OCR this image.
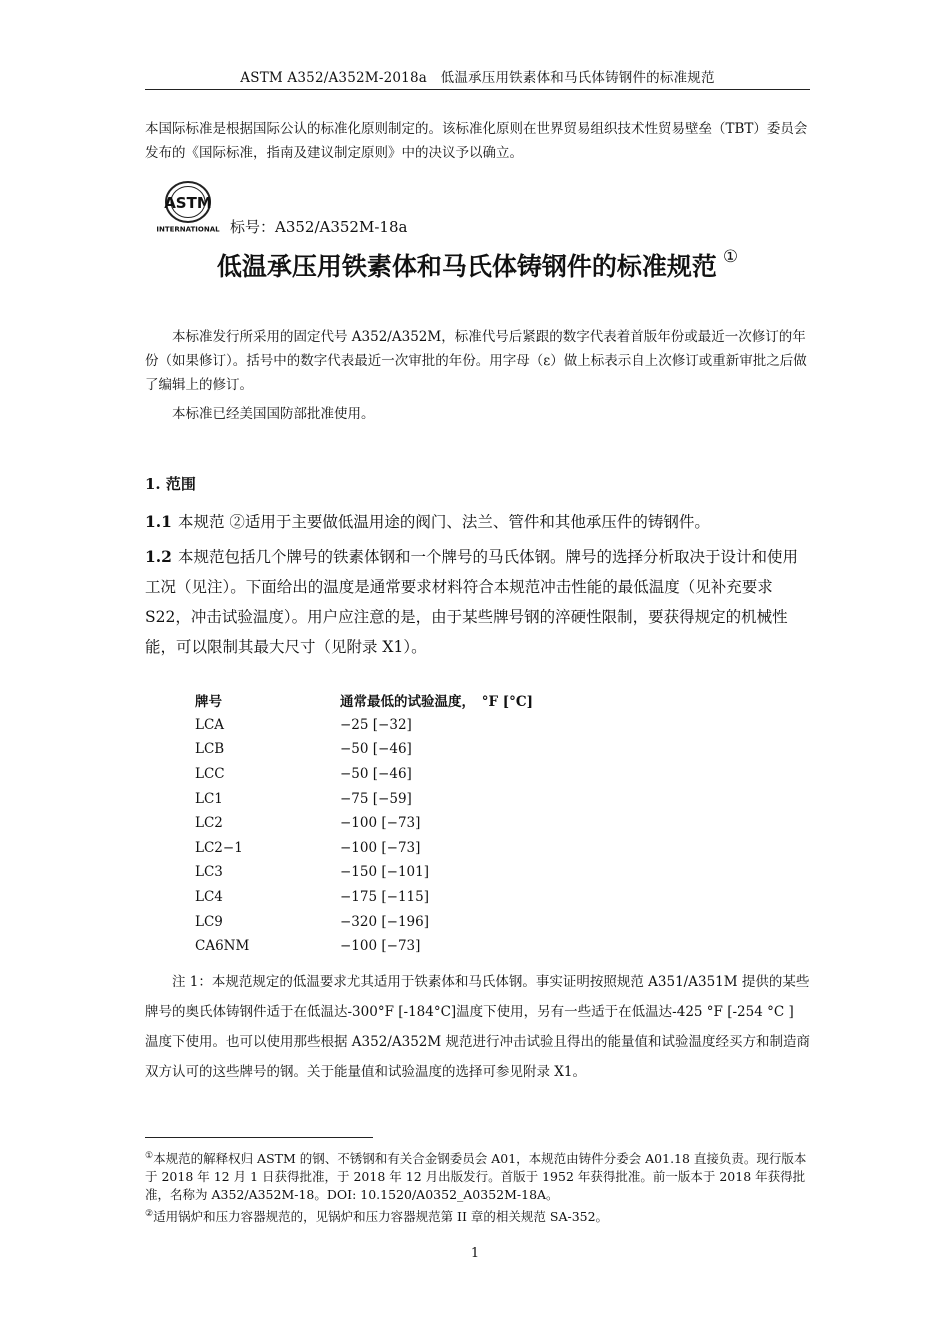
ASTM A352/A352M-2018a　低温承压用铁素体和马氏体铸钢件的标准规范
本国际标准是根据国际公认的标准化原则制定的。该标准化原则在世界贸易组织技术性贸易壁垒（TBT）委员会发布的《国际标准，指南及建议制定原则》中的决议予以确立。
ASTM
INTERNATIONAL 标号：A352/A352M-18a
低温承压用铁素体和马氏体铸钢件的标准规范 ①
本标准发行所采用的固定代号 A352/A352M，标准代号后紧跟的数字代表着首版年份或最近一次修订的年份（如果修订）。括号中的数字代表最近一次审批的年份。用字母（ε）做上标表示自上次修订或重新审批之后做了编辑上的修订。
本标准已经美国国防部批准使用。
1. 范围
1.1 本规范 ②适用于主要做低温用途的阀门、法兰、管件和其他承压件的铸钢件。
1.2 本规范包括几个牌号的铁素体钢和一个牌号的马氏体钢。牌号的选择分析取决于设计和使用工况（见注）。下面给出的温度是通常要求材料符合本规范冲击性能的最低温度（见补充要求 S22，冲击试验温度）。用户应注意的是，由于某些牌号钢的淬硬性限制，要获得规定的机械性能，可以限制其最大尺寸（见附录 X1）。
牌号	通常最低的试验温度，　°F [°C]
LCA	−25 [−32]
LCB	−50 [−46]
LCC	−50 [−46]
LC1	−75 [−59]
LC2	−100 [−73]
LC2−1	−100 [−73]
LC3	−150 [−101]
LC4	−175 [−115]
LC9	−320 [−196]
CA6NM	−100 [−73]
注 1：本规范规定的低温要求尤其适用于铁素体和马氏体钢。事实证明按照规范 A351/A351M 提供的某些牌号的奥氏体铸钢件适于在低温达-300°F [-184°C]温度下使用，另有一些适于在低温达-425 °F [-254 °C ] 温度下使用。也可以使用那些根据 A352/A352M 规范进行冲击试验且得出的能量值和试验温度经买方和制造商双方认可的这些牌号的钢。关于能量值和试验温度的选择可参见附录 X1。
①本规范的解释权归 ASTM 的钢、不锈钢和有关合金钢委员会 A01，本规范由铸件分委会 A01.18 直接负责。现行版本于 2018 年 12 月 1 日获得批准，于 2018 年 12 月出版发行。首版于 1952 年获得批准。前一版本于 2018 年获得批准，名称为 A352/A352M-18。DOI: 10.1520/A0352_A0352M-18A。
②适用锅炉和压力容器规范的，见锅炉和压力容器规范第 II 章的相关规范 SA-352。
1
